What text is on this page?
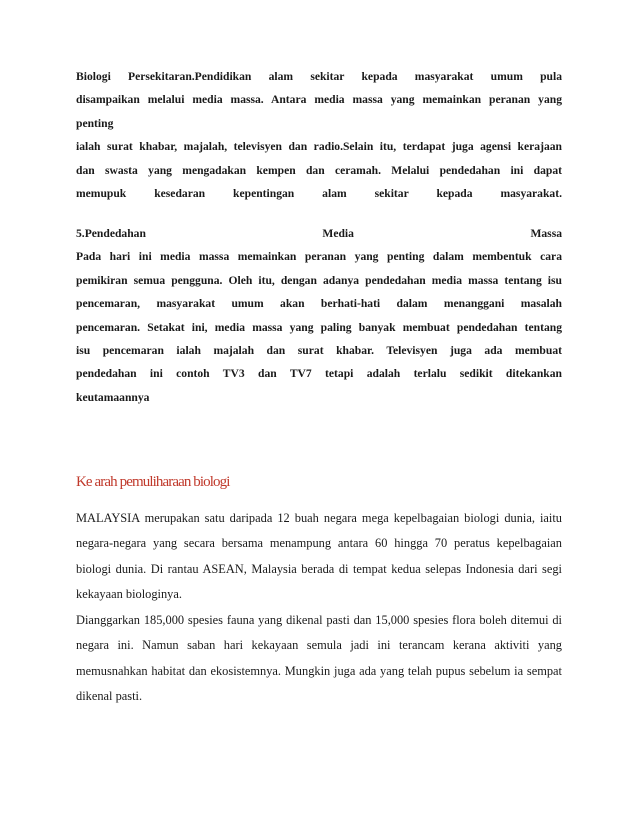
Biologi Persekitaran.Pendidikan alam sekitar kepada masyarakat umum pula
disampaikan melalui media massa. Antara media massa yang memainkan peranan yang
penting
ialah surat khabar, majalah, televisyen dan radio.Selain itu, terdapat juga agensi kerajaan
dan swasta yang mengadakan kempen dan ceramah. Melalui pendedahan ini dapat
memupuk kesedaran kepentingan alam sekitar kepada masyarakat.
5.Pendedahan	Media	Massa
Pada hari ini media massa memainkan peranan yang penting dalam membentuk cara
pemikiran semua pengguna. Oleh itu, dengan adanya pendedahan media massa tentang isu
pencemaran, masyarakat umum akan berhati-hati dalam menanggani masalah
pencemaran. Setakat ini, media massa yang paling banyak membuat pendedahan tentang
isu pencemaran ialah majalah dan surat khabar. Televisyen juga ada membuat
pendedahan ini contoh TV3 dan TV7 tetapi adalah terlalu sedikit ditekankan
keutamaannya
Ke arah pemuliharaan biologi
MALAYSIA merupakan satu daripada 12 buah negara mega kepelbagaian biologi dunia, iaitu
negara-negara yang secara bersama menampung antara 60 hingga 70 peratus kepelbagaian
biologi dunia. Di rantau ASEAN, Malaysia berada di tempat kedua selepas Indonesia dari segi
kekayaan biologinya.
Dianggarkan 185,000 spesies fauna yang dikenal pasti dan 15,000 spesies flora boleh ditemui di
negara ini. Namun saban hari kekayaan semula jadi ini terancam kerana aktiviti yang
memusnahkan habitat dan ekosistemnya. Mungkin juga ada yang telah pupus sebelum ia sempat
dikenal pasti.
